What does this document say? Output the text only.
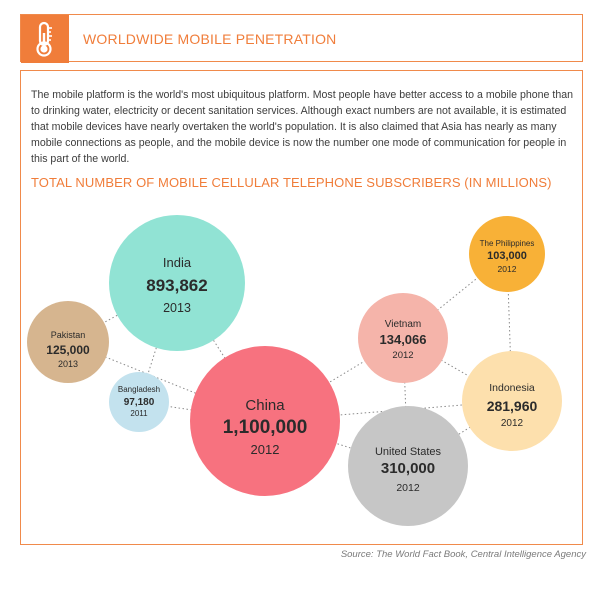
WORLDWIDE MOBILE PENETRATION

The mobile platform is the world's most ubiquitous platform. Most people have better access to a mobile phone than to drinking water, electricity or decent sanitation services. Although exact numbers are not available, it is estimated that mobile devices have nearly overtaken the world's population. It is also claimed that Asia has nearly as many mobile connections as people, and the mobile device is now the number one mode of communication for people in this part of the world.

TOTAL NUMBER OF MOBILE CELLULAR TELEPHONE SUBSCRIBERS (IN MILLIONS)
India
893,862
2013
Pakistan
125,000
2013
Bangladesh
97,180
2011	China
1,100,000
2012
Vietnam
134,066
2012
The Philippines
103,000
2012
Indonesia
281,960
2012
United States
310,000
2012
Source: The World Fact Book, Central Intelligence Agency
